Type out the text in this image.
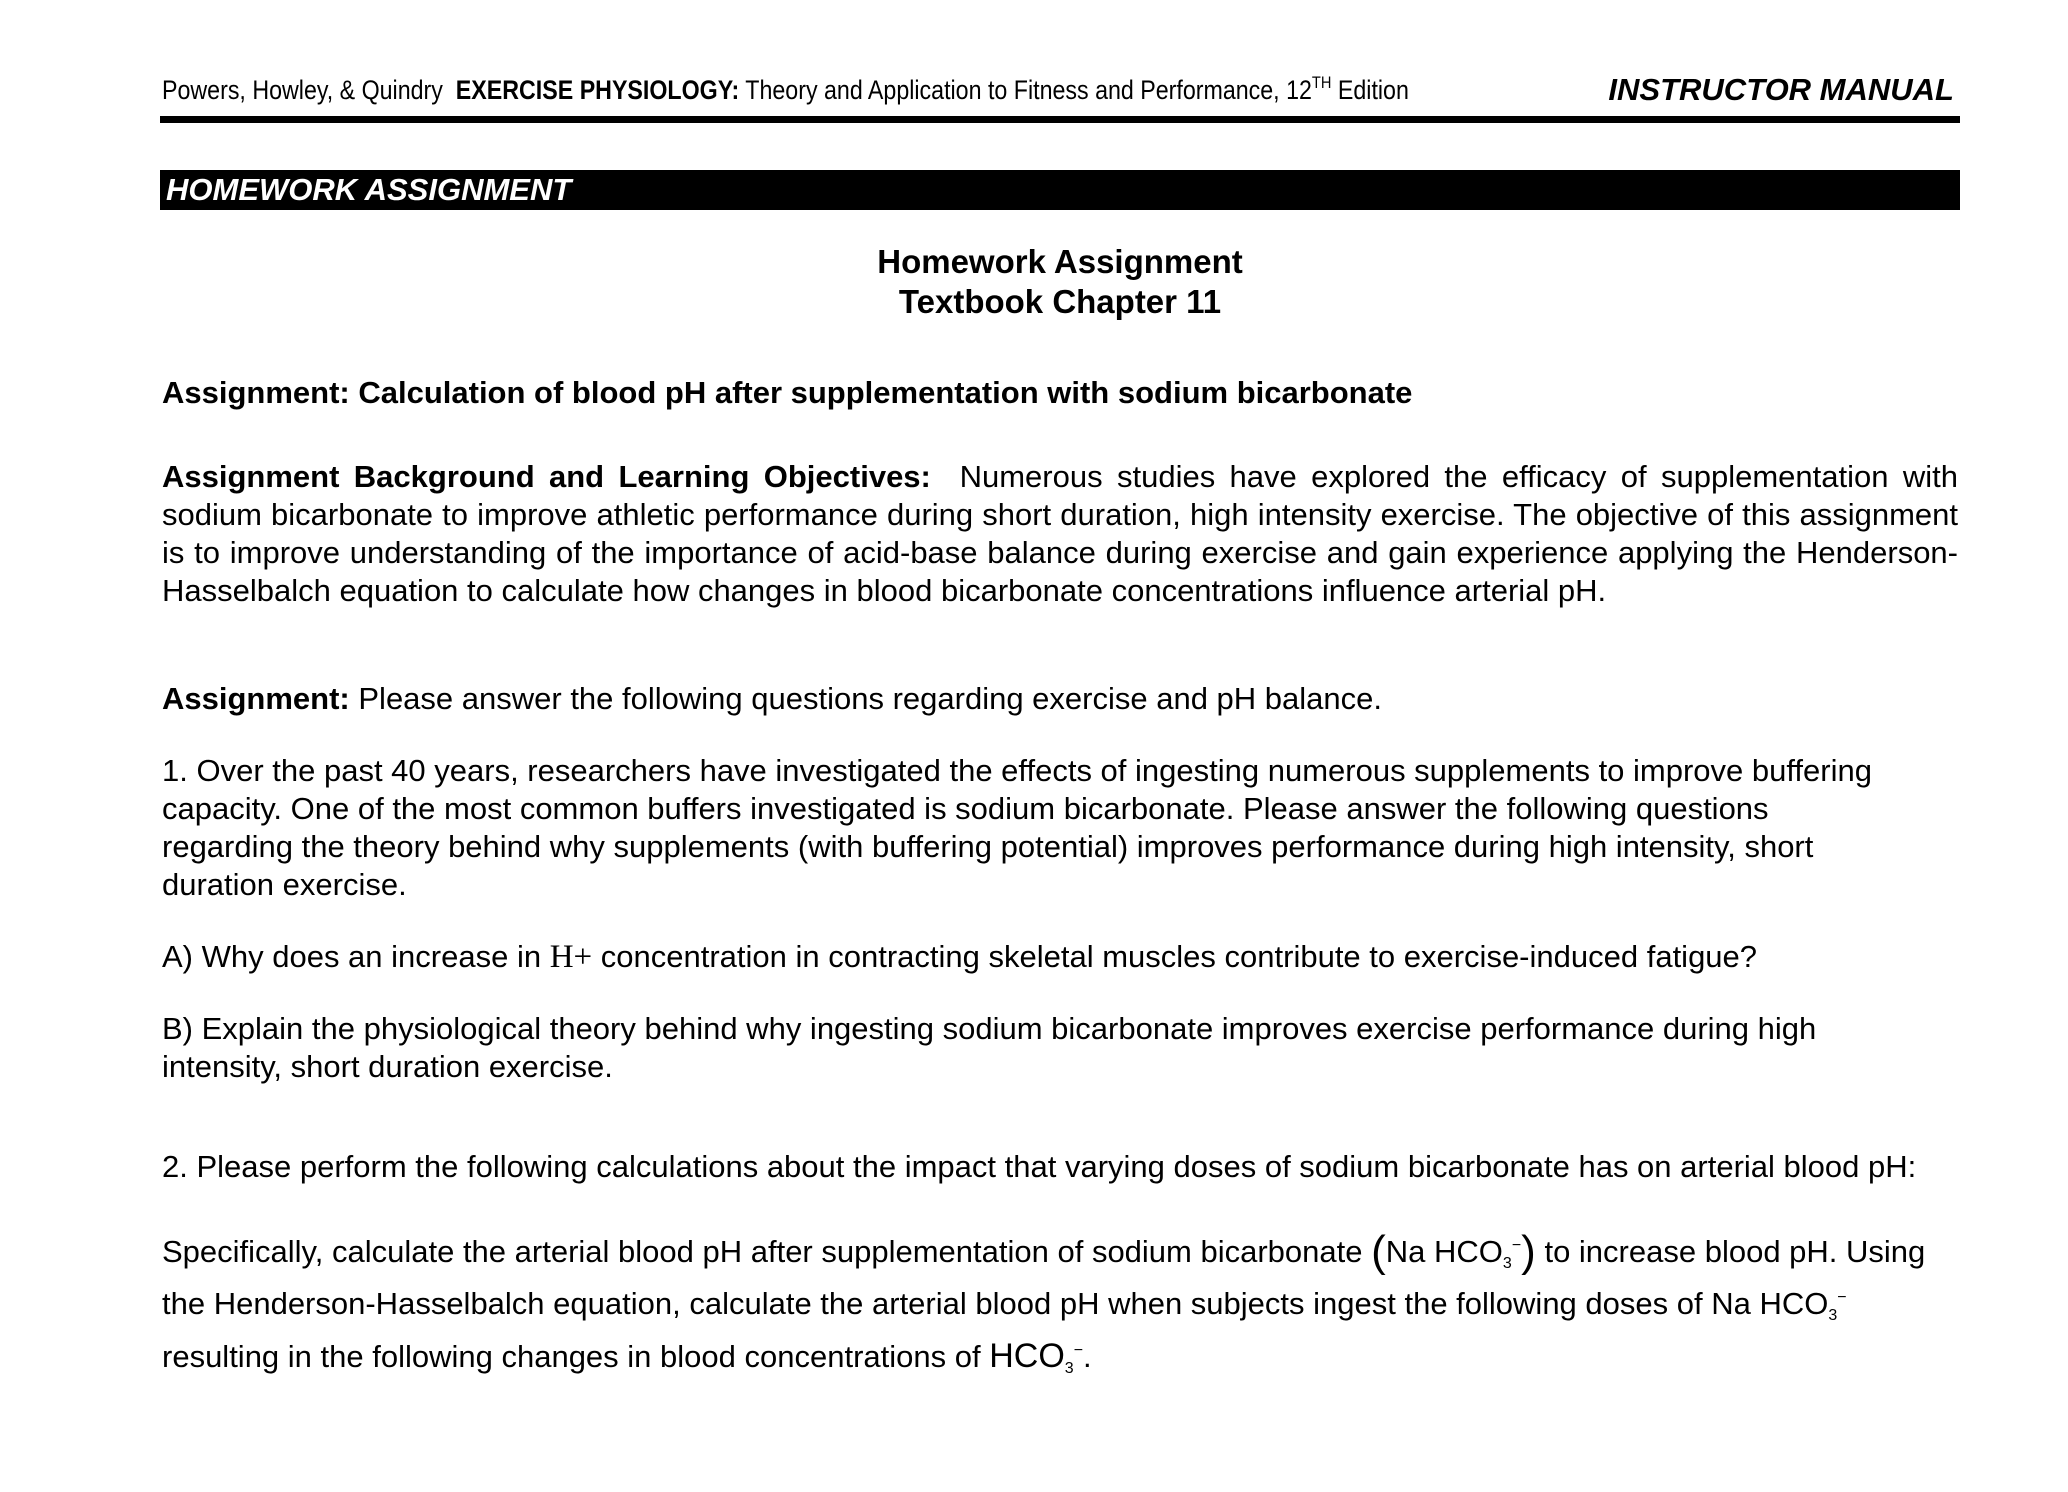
Powers, Howley, & Quindry EXERCISE PHYSIOLOGY: Theory and Application to Fitness and Performance, 12TH Edition	INSTRUCTOR MANUAL
HOMEWORK ASSIGNMENT
Homework Assignment
Textbook Chapter 11
Assignment: Calculation of blood pH after supplementation with sodium bicarbonate
Assignment Background and Learning Objectives: Numerous studies have explored the efficacy of supplementation with sodium bicarbonate to improve athletic performance during short duration, high intensity exercise. The objective of this assignment is to improve understanding of the importance of acid-base balance during exercise and gain experience applying the Henderson-Hasselbalch equation to calculate how changes in blood bicarbonate concentrations influence arterial pH.
Assignment: Please answer the following questions regarding exercise and pH balance.
1. Over the past 40 years, researchers have investigated the effects of ingesting numerous supplements to improve buffering capacity. One of the most common buffers investigated is sodium bicarbonate. Please answer the following questions regarding the theory behind why supplements (with buffering potential) improves performance during high intensity, short duration exercise.
A) Why does an increase in H+ concentration in contracting skeletal muscles contribute to exercise-induced fatigue?
B) Explain the physiological theory behind why ingesting sodium bicarbonate improves exercise performance during high intensity, short duration exercise.
2. Please perform the following calculations about the impact that varying doses of sodium bicarbonate has on arterial blood pH:
Specifically, calculate the arterial blood pH after supplementation of sodium bicarbonate (Na $HCO_3^-$) to increase blood pH. Using the Henderson-Hasselbalch equation, calculate the arterial blood pH when subjects ingest the following doses of Na $HCO_3^-$ resulting in the following changes in blood concentrations of $HCO_3^-$.
